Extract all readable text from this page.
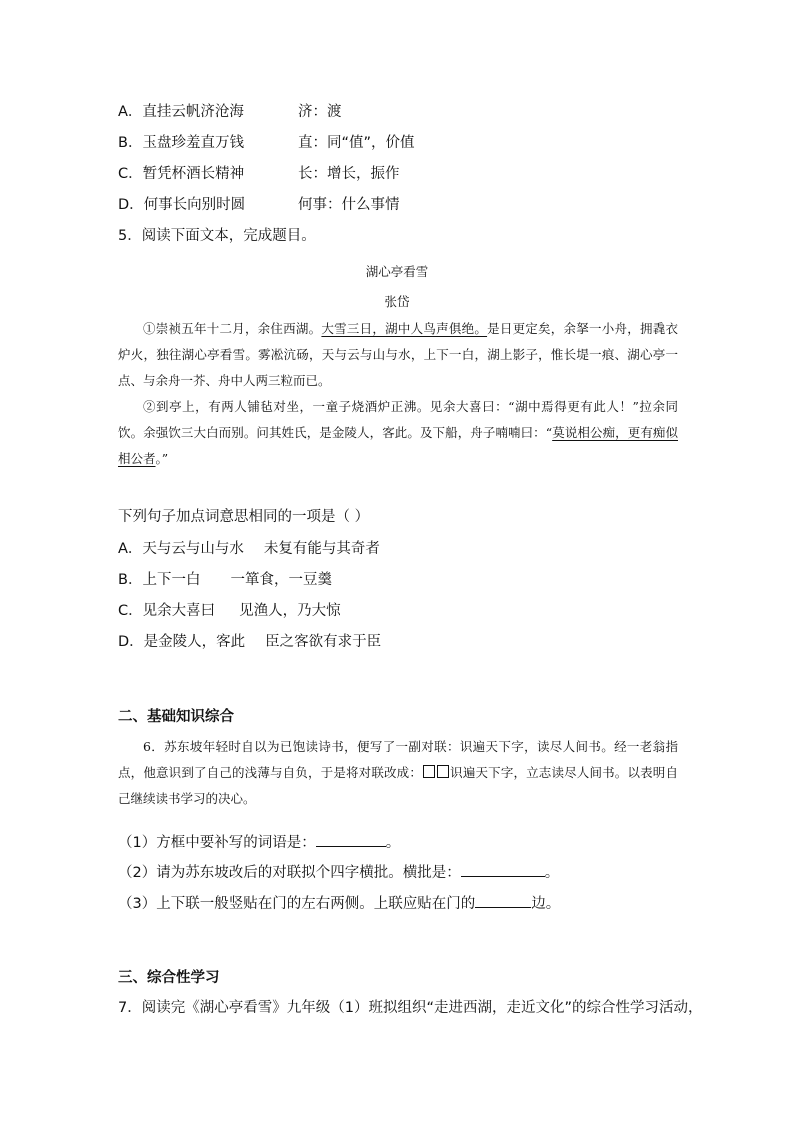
A．直挂云帆济沧海	济：渡
B．玉盘珍羞直万钱	直：同“值”，价值
C．暂凭杯酒长精神	长：增长，振作
D．何事长向别时圆	何事：什么事情
5．阅读下面文本，完成题目。
湖心亭看雪
张岱

①崇祯五年十二月，余住西湖。大雪三日，湖中人鸟声俱绝。是日更定矣，余拏一小舟，拥毳衣炉火，独往湖心亭看雪。雾凇沆砀，天与云与山与水，上下一白，湖上影子，惟长堤一痕、湖心亭一点、与余舟一芥、舟中人两三粒而已。

②到亭上，有两人铺毡对坐，一童子烧酒炉正沸。见余大喜曰：“湖中焉得更有此人！”拉余同饮。余强饮三大白而别。问其姓氏，是金陵人，客此。及下船，舟子喃喃曰：“莫说相公痴，更有痴似相公者。”

下列句子加点词意思相同的一项是（ ）
A．天与云与山与水 未复有能与其奇者
B．上下一白 一箪食，一豆羹
C．见余大喜曰 见渔人，乃大惊
D．是金陵人，客此 臣之客欲有求于臣
二、基础知识综合

6．苏东坡年轻时自以为已饱读诗书，便写了一副对联：识遍天下字，读尽人间书。经一老翁指点，他意识到了自己的浅薄与自负，于是将对联改成： 识遍天下字，立志读尽人间书。以表明自己继续读书学习的决心。

（1）方框中要补写的词语是：	。
（2）请为苏东坡改后的对联拟个四字横批。横批是：	。
（3）上下联一般竖贴在门的左右两侧。上联应贴在门的	边。
三、综合性学习
7．阅读完《湖心亭看雪》九年级（1）班拟组织“走进西湖，走近文化”的综合性学习活动，
